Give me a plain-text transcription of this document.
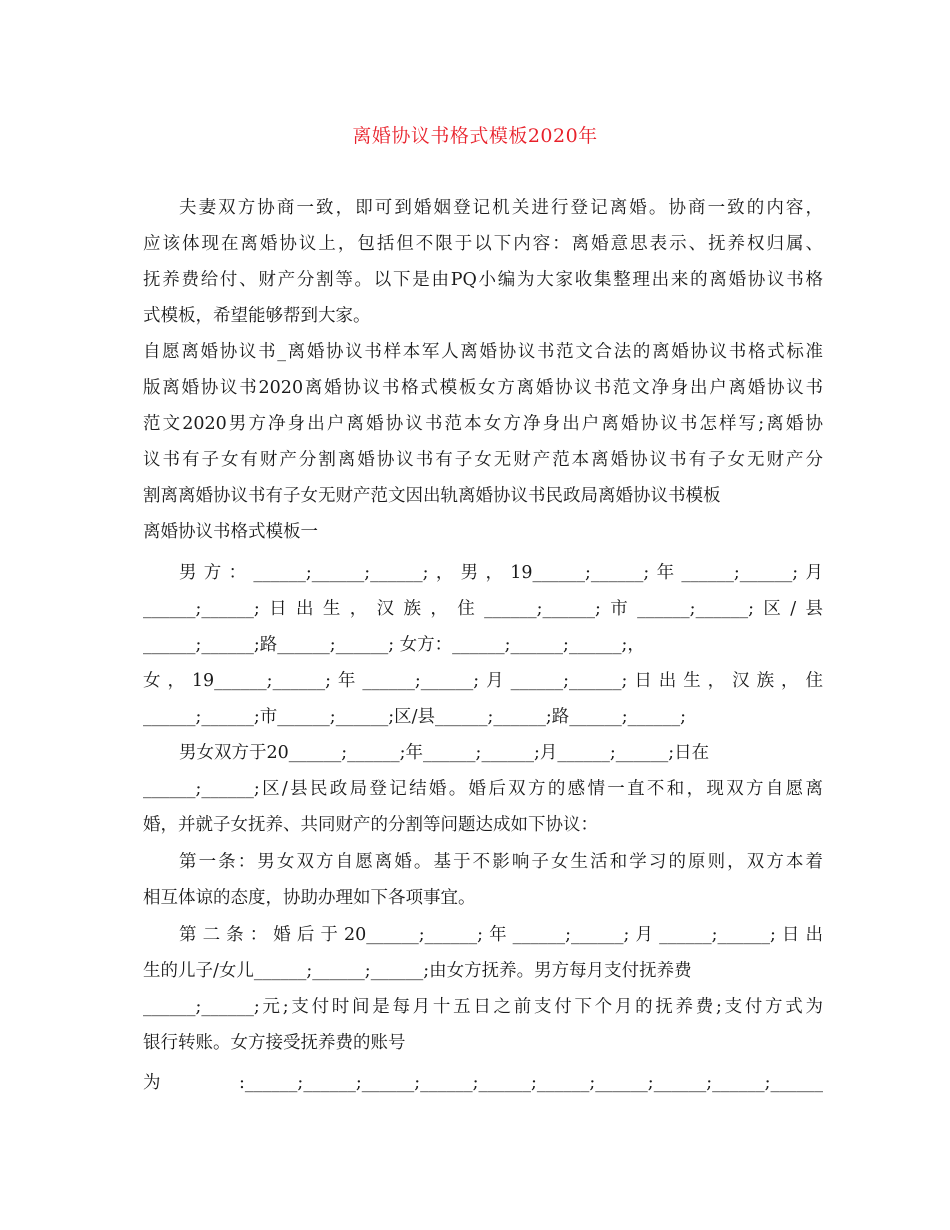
离婚协议书格式模板2020年
夫妻双方协商一致，即可到婚姻登记机关进行登记离婚。协商一致的内容，
应该体现在离婚协议上，包括但不限于以下内容：离婚意思表示、抚养权归属、
抚养费给付、财产分割等。以下是由PQ小编为大家收集整理出来的离婚协议书格
式模板，希望能够帮到大家。
自愿离婚协议书_离婚协议书样本军人离婚协议书范文合法的离婚协议书格式标准
版离婚协议书2020离婚协议书格式模板女方离婚协议书范文净身出户离婚协议书
范文2020男方净身出户离婚协议书范本女方净身出户离婚协议书怎样写;离婚协
议书有子女有财产分割离婚协议书有子女无财产范本离婚协议书有子女无财产分
割离离婚协议书有子女无财产范文因出轨离婚协议书民政局离婚协议书模板
离婚协议书格式模板一
男方：______;______;______;，男，19______;______;年______;______;月
______;______;日出生，汉族，住______;______;市______;______;区/县
______;______;路______;______; 女方：______;______;______;，
女，19______;______;年______;______;月______;______;日出生，汉族，住
______;______;市______;______;区/县______;______;路______;______;
男女双方于20______;______;年______;______;月______;______;日在
______;______;区/县民政局登记结婚。婚后双方的感情一直不和，现双方自愿离
婚，并就子女抚养、共同财产的分割等问题达成如下协议：
第一条：男女双方自愿离婚。基于不影响子女生活和学习的原则，双方本着
相互体谅的态度，协助办理如下各项事宜。
第二条：婚后于20______;______;年______;______;月______;______;日出
生的儿子/女儿______;______;______;由女方抚养。男方每月支付抚养费
______;______;元;支付时间是每月十五日之前支付下个月的抚养费;支付方式为
银行转账。女方接受抚养费的账号
为:______;______;______;______;______;______;______;______;______;______
